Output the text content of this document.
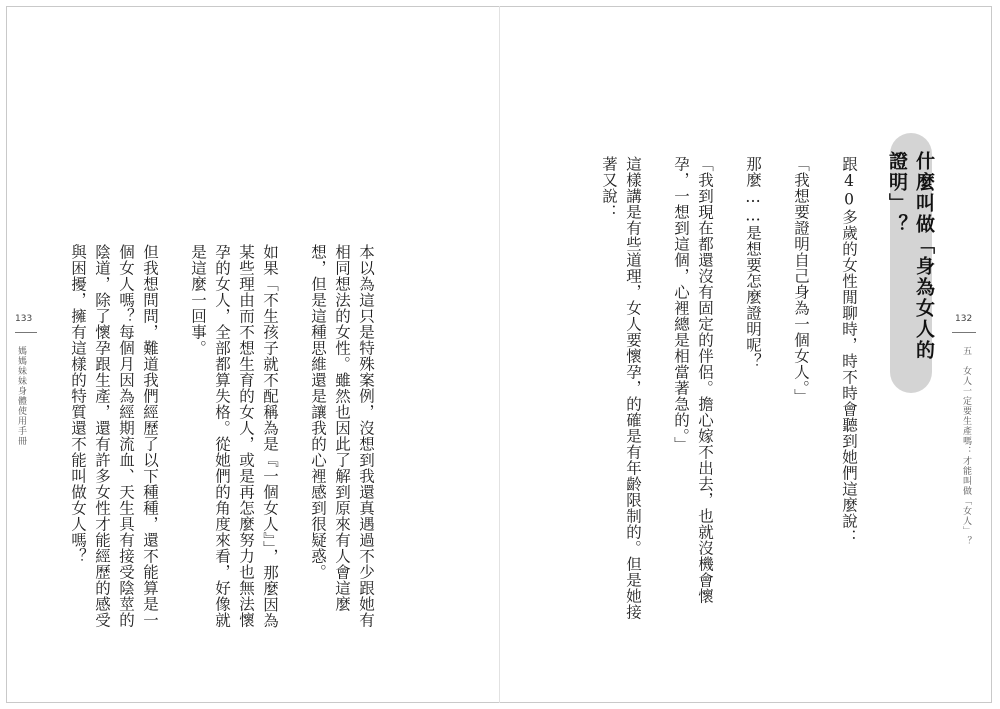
本以為這只是特殊案例，沒想到我還真遇過不少跟她有相同想法的女性。雖然也因此了解到原來有人會這麼想，但是這種思維還是讓我的心裡感到很疑惑。

如果「不生孩子就不配稱為是『一個女人』」，那麼因為某些理由而不想生育的女人，或是再怎麼努力也無法懷孕的女人，全部都算失格。從她們的角度來看，好像就是這麼一回事。

但我想問問，難道我們經歷了以下種種，還不能算是一個女人嗎？每個月因為經期流血、天生具有接受陰莖的陰道，除了懷孕跟生產，還有許多女性才能經歷的感受與困擾，擁有這樣的特質還不能叫做女人嗎？

133
媽媽妹妹身體使用手冊
什麼叫做「身為女人的證明」？

跟40多歲的女性閒聊時，時不時會聽到她們這麼說：

「我想要證明自己身為一個女人。」

那麼……是想要怎麼證明呢？

「我到現在都還沒有固定的伴侶。擔心嫁不出去，也就沒機會懷孕，一想到這個，心裡總是相當著急的。」

這樣講是有些道理，女人要懷孕，的確是有年齡限制的。但是她接著又說：

132
五　女人一定要生產嗎：才能叫做「女人」？
